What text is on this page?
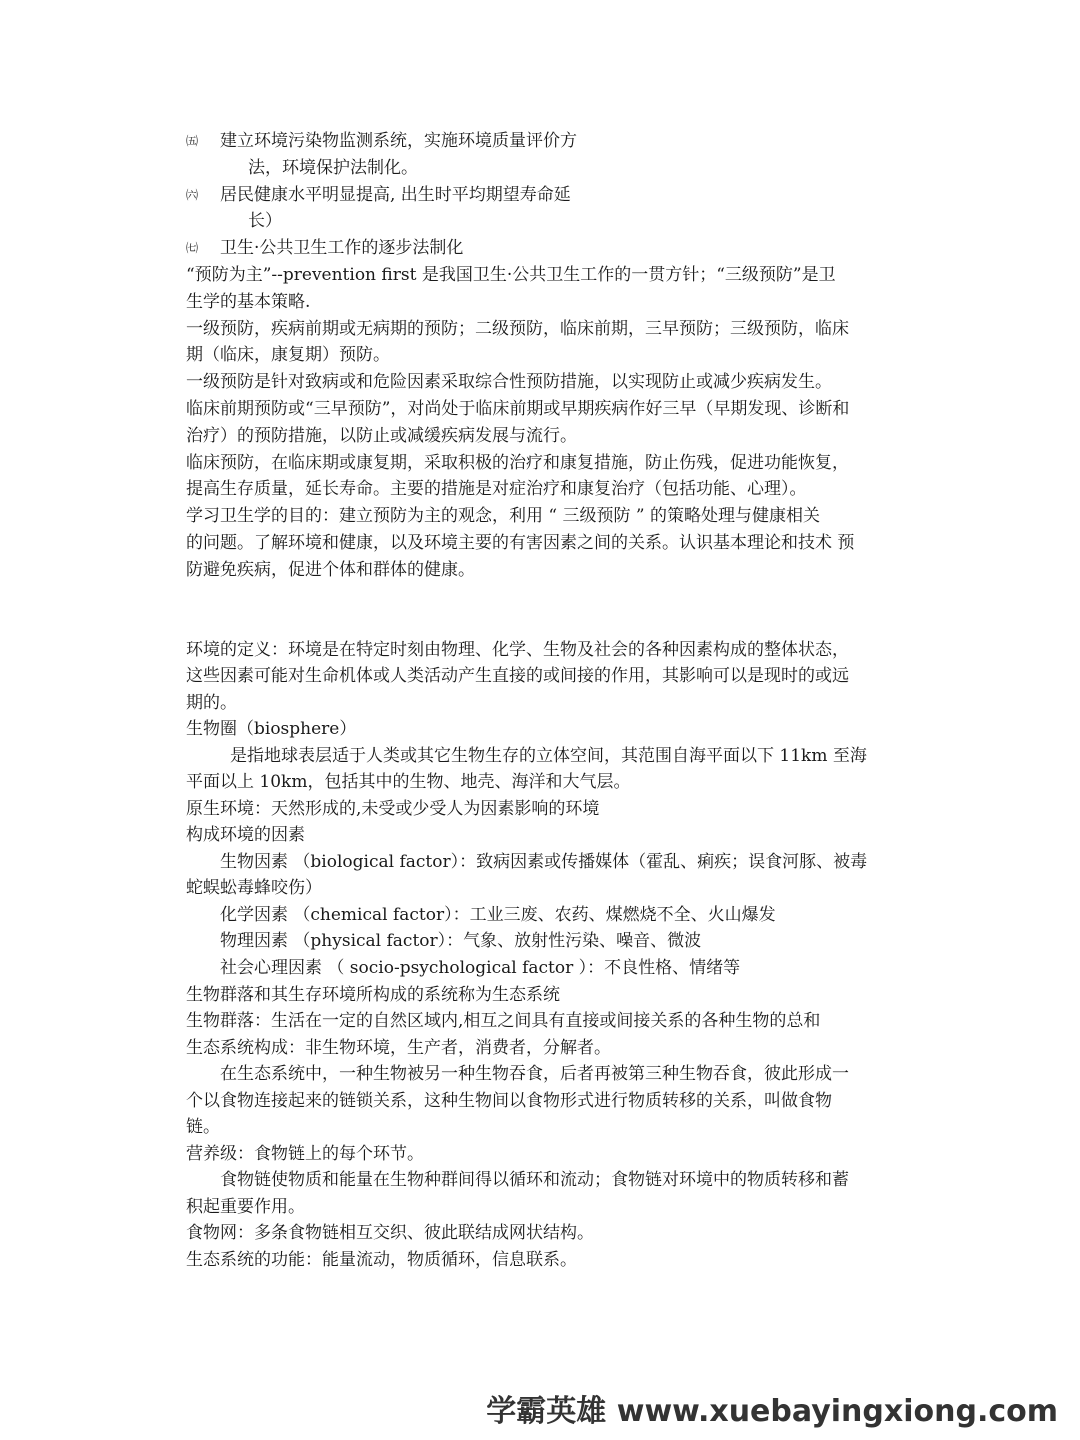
㈤ 建立环境污染物监测系统，实施环境质量评价方
法，环境保护法制化。
㈥ 居民健康水平明显提高, 出生时平均期望寿命延
长）
㈦ 卫生·公共卫生工作的逐步法制化
“预防为主”--prevention first 是我国卫生·公共卫生工作的一贯方针；“三级预防”是卫
生学的基本策略.
一级预防，疾病前期或无病期的预防；二级预防，临床前期，三早预防；三级预防，临床
期（临床，康复期）预防。
一级预防是针对致病或和危险因素采取综合性预防措施，以实现防止或减少疾病发生。
临床前期预防或“三早预防”，对尚处于临床前期或早期疾病作好三早（早期发现、诊断和
治疗）的预防措施，以防止或减缓疾病发展与流行。
临床预防，在临床期或康复期，采取积极的治疗和康复措施，防止伤残，促进功能恢复，
提高生存质量，延长寿命。主要的措施是对症治疗和康复治疗（包括功能、心理）。
学习卫生学的目的：建立预防为主的观念，利用 “ 三级预防 ” 的策略处理与健康相关
的问题。了解环境和健康，以及环境主要的有害因素之间的关系。认识基本理论和技术 预
防避免疾病，促进个体和群体的健康。
环境的定义：环境是在特定时刻由物理、化学、生物及社会的各种因素构成的整体状态，
这些因素可能对生命机体或人类活动产生直接的或间接的作用，其影响可以是现时的或远
期的。
生物圈（biosphere）
是指地球表层适于人类或其它生物生存的立体空间，其范围自海平面以下 11km 至海
平面以上 10km，包括其中的生物、地壳、海洋和大气层。
原生环境：天然形成的,未受或少受人为因素影响的环境
构成环境的因素
生物因素 （biological factor）：致病因素或传播媒体（霍乱、痢疾；误食河豚、被毒
蛇蜈蚣毒蜂咬伤）
化学因素 （chemical factor）：工业三废、农药、煤燃烧不全、火山爆发
物理因素 （physical factor）：气象、放射性污染、噪音、微波
社会心理因素 （ socio-psychological factor ）：不良性格、情绪等
生物群落和其生存环境所构成的系统称为生态系统
生物群落：生活在一定的自然区域内,相互之间具有直接或间接关系的各种生物的总和
生态系统构成：非生物环境，生产者，消费者，分解者。
在生态系统中，一种生物被另一种生物吞食，后者再被第三种生物吞食，彼此形成一
个以食物连接起来的链锁关系，这种生物间以食物形式进行物质转移的关系，叫做食物
链。
营养级：食物链上的每个环节。
食物链使物质和能量在生物种群间得以循环和流动；食物链对环境中的物质转移和蓄
积起重要作用。
食物网：多条食物链相互交织、彼此联结成网状结构。
生态系统的功能：能量流动，物质循环，信息联系。
学霸英雄 www.xuebayingxiong.com
